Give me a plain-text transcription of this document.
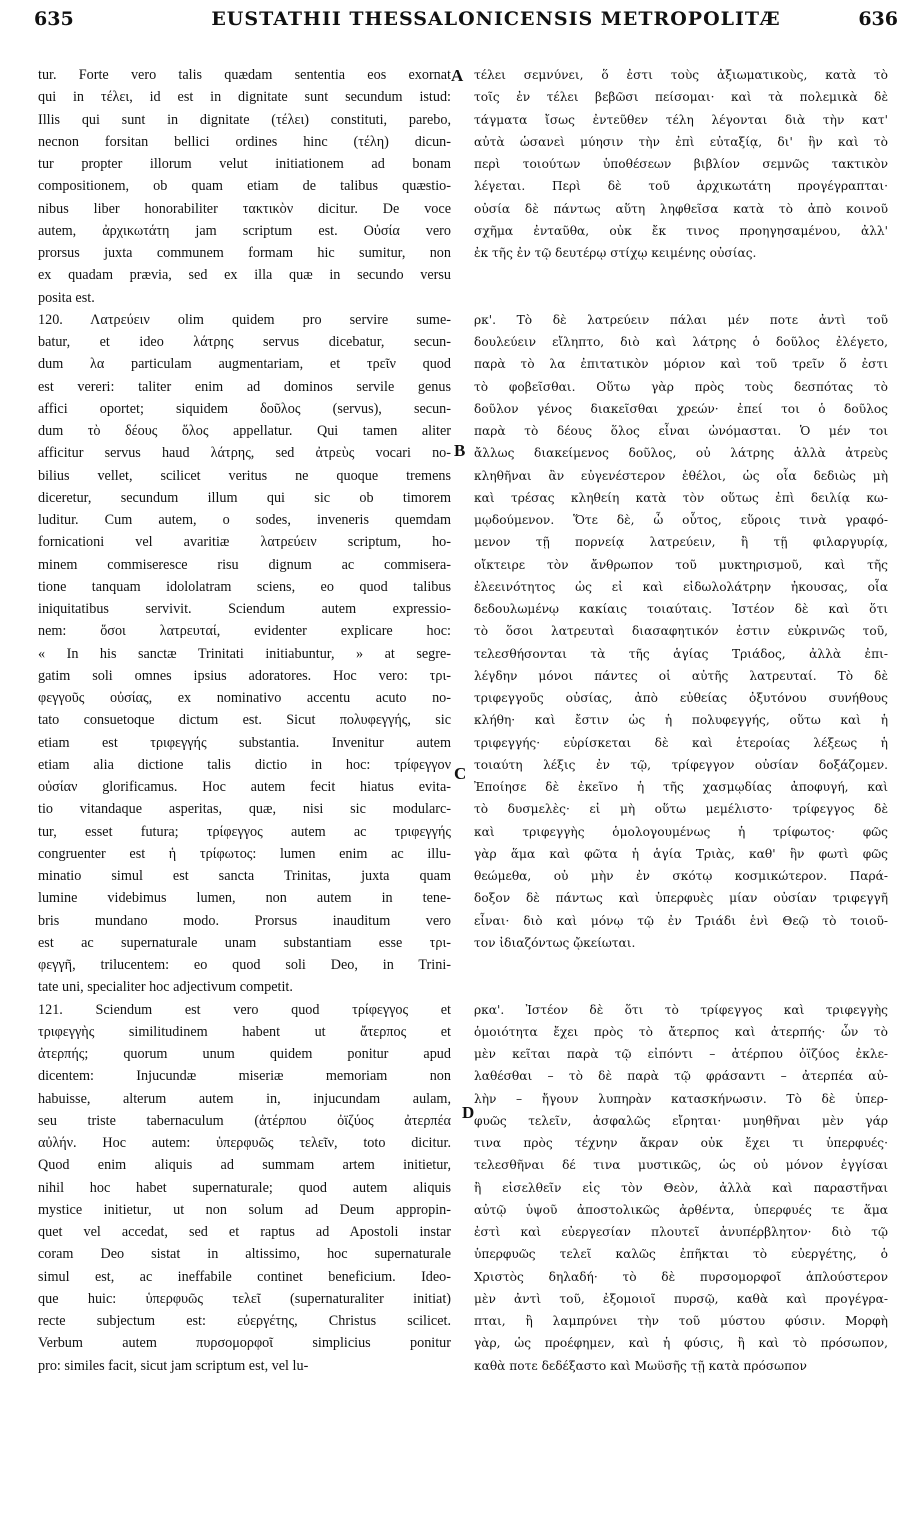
635	EUSTATHII THESSALONICENSIS METROPOLITÆ	636
tur. Forte vero talis quædam sententia eos exornat
qui in τέλει, id est in dignitate sunt secundum istud:
Illis qui sunt in dignitate (τέλει) constituti, parebo,
necnon forsitan bellici ordines hinc (τέλη) dicun-
tur propter illorum velut initiationem ad bonam
compositionem, ob quam etiam de talibus quæstio-
nibus liber honorabiliter τακτικὸν dicitur. De voce
autem, ἀρχικωτάτη jam scriptum est. Οὐσία vero
prorsus juxta communem formam hic sumitur, non
ex quadam prævia, sed ex illa quæ in secundo versu
posita est.
120. Λατρεύειν olim quidem pro servire sume-
batur, et ideo λάτρης servus dicebatur, secun-
dum λα particulam augmentariam, et τρεῖν quod
est vereri: taliter enim ad dominos servile genus
affici oportet; siquidem δοῦλος (servus), secun-
dum τὸ δέους ὅλος appellatur. Qui tamen aliter
afficitur servus haud λάτρης, sed ἀτρεὺς vocari no-
bilius vellet, scilicet veritus ne quoque tremens
diceretur, secundum illum qui sic ob timorem
luditur. Cum autem, o sodes, inveneris quemdam
fornicationi vel avaritiæ λατρεύειν scriptum, ho-
minem commiseresce risu dignum ac commisera-
tione tanquam idololatram sciens, eo quod talibus
iniquitatibus servivit. Sciendum autem expressio-
nem: ὅσοι λατρευταί, evidenter explicare hoc:
« In his sanctæ Trinitati initiabuntur, » at segre-
gatim soli omnes ipsius adoratores. Hoc vero: τρι-
φεγγοῦς οὐσίας, ex nominativo accentu acuto no-
tato consuetoque dictum est. Sicut πολυφεγγής, sic
etiam est τριφεγγής substantia. Invenitur autem
etiam alia dictione talis dictio in hoc: τρίφεγγον
οὐσίαν glorificamus. Hoc autem fecit hiatus evita-
tio vitandaque asperitas, quæ, nisi sic modularc-
tur, esset futura; τρίφεγγος autem ac τριφεγγής
congruenter est ἡ τρίφωτος: lumen enim ac illu-
minatio simul est sancta Trinitas, juxta quam
lumine videbimus lumen, non autem in tene-
bris mundano modo. Prorsus inauditum vero
est ac supernaturale unam substantiam esse τρι-
φεγγῆ, trilucentem: eo quod soli Deo, in Trini-
tate uni, specialiter hoc adjectivum competit.
121. Sciendum est vero quod τρίφεγγος et
τριφεγγὴς similitudinem habent ut ἄτερπος et
ἀτερπής; quorum unum quidem ponitur apud
dicentem: Injucundæ miseriæ memoriam non
habuisse, alterum autem in, injucundam aulam,
seu triste tabernaculum (ἀτέρπου ὀϊζύος ἀτερπέα
αὐλήν. Hoc autem: ὑπερφυῶς τελεῖν, toto dicitur.
Quod enim aliquis ad summam artem initietur,
nihil hoc habet supernaturale; quod autem aliquis
mystice initietur, ut non solum ad Deum appropin-
quet vel accedat, sed et raptus ad Apostoli instar
coram Deo sistat in altissimo, hoc supernaturale
simul est, ac ineffabile continet beneficium. Ideo-
que huic: ὑπερφυῶς τελεῖ (supernaturaliter initiat)
recte subjectum est: εὐεργέτης, Christus scilicet.
Verbum autem πυρσομορφοῖ simplicius ponitur
pro: similes facit, sicut jam scriptum est, vel lu-
τέλει σεμνύνει, ὅ ἐστι τοὺς ἀξιωματικοὺς, κατὰ τὸ
τοῖς ἐν τέλει βεβῶσι πείσομαι· καὶ τὰ πολεμικὰ δὲ
τάγματα ἴσως ἐντεῦθεν τέλη λέγονται διὰ τὴν κατ'
αὐτὰ ὡσανεὶ μύησιν τὴν ἐπὶ εὐταξίᾳ, δι' ἣν καὶ τὸ
περὶ τοιούτων ὑποθέσεων βιβλίον σεμνῶς τακτικὸν
λέγεται. Περὶ δὲ τοῦ ἀρχικωτάτη προγέγραπται·
οὐσία δὲ πάντως αὕτη ληφθεῖσα κατὰ τὸ ἀπὸ κοινοῦ
σχῆμα ἐνταῦθα, οὐκ ἔκ τινος προηγησαμένου, ἀλλ'
ἐκ τῆς ἐν τῷ δευτέρῳ στίχῳ κειμένης οὐσίας.
ρκ'. Τὸ δὲ λατρεύειν πάλαι μέν ποτε ἀντὶ τοῦ
δουλεύειν εἴληπτο, διὸ καὶ λάτρης ὁ δοῦλος ἐλέγετο,
παρὰ τὸ λα ἐπιτατικὸν μόριον καὶ τοῦ τρεῖν ὅ ἐστι
τὸ φοβεῖσθαι. Οὕτω γὰρ πρὸς τοὺς δεσπότας τὸ
δοῦλον γένος διακεῖσθαι χρεών· ἐπεί τοι ὁ δοῦλος
παρὰ τὸ δέους ὅλος εἶναι ὠνόμασται. Ὁ μέν τοι
ἄλλως διακείμενος δοῦλος, οὐ λάτρης ἀλλὰ ἀτρεὺς
κληθῆναι ἂν εὐγενέστερον ἐθέλοι, ὡς οἷα δεδιὼς μὴ
καὶ τρέσας κληθείη κατὰ τὸν οὕτως ἐπὶ δειλίᾳ κω-
μῳδούμενον. Ὅτε δὲ, ὦ οὗτος, εὕροις τινὰ γραφό-
μενον τῇ πορνείᾳ λατρεύειν, ἢ τῇ φιλαργυρίᾳ,
οἴκτειρε τὸν ἄνθρωπον τοῦ μυκτηρισμοῦ, καὶ τῆς
ἐλεεινότητος ὡς εἰ καὶ εἰδωλολάτρην ἠκουσας, οἷα
δεδουλωμένῳ κακίαις τοιαύταις. Ἰστέον δὲ καὶ ὅτι
τὸ ὅσοι λατρευταὶ διασαφητικόν ἐστιν εὐκρινῶς τοῦ,
τελεσθήσονται τὰ τῆς ἁγίας Τριάδος, ἀλλὰ ἐπι-
λέγδην μόνοι πάντες οἱ αὐτῆς λατρευταί. Τὸ δὲ
τριφεγγοῦς οὐσίας, ἀπὸ εὐθείας ὀξυτόνου συνήθους
κλήθη· καὶ ἔστιν ὡς ἡ πολυφεγγής, οὕτω καὶ ἡ
τριφεγγής· εὑρίσκεται δὲ καὶ ἑτεροίας λέξεως ἡ
τοιαύτη λέξις ἐν τῷ, τρίφεγγον οὐσίαν δοξάζομεν.
Ἐποίησε δὲ ἐκεῖνο ἡ τῆς χασμῳδίας ἀποφυγή, καὶ
τὸ δυσμελὲς· εἰ μὴ οὕτω μεμέλιστο· τρίφεγγος δὲ
καὶ τριφεγγὴς ὁμολογουμένως ἡ τρίφωτος· φῶς
γὰρ ἅμα καὶ φῶτα ἡ ἁγία Τριὰς, καθ' ἣν φωτὶ φῶς
θεώμεθα, οὐ μὴν ἐν σκότῳ κοσμικώτερον. Παρά-
δοξον δὲ πάντως καὶ ὑπερφυὲς μίαν οὐσίαν τριφεγγῆ
εἶναι· διὸ καὶ μόνῳ τῷ ἐν Τριάδι ἑνὶ Θεῷ τὸ τοιοῦ-
τον ἰδιαζόντως ᾤκείωται.
ρκα'. Ἰστέον δὲ ὅτι τὸ τρίφεγγος καὶ τριφεγγὴς
ὁμοιότητα ἔχει πρὸς τὸ ἄτερπος καὶ ἀτερπής· ὧν τὸ
μὲν κεῖται παρὰ τῷ εἰπόντι – ἀτέρπου ὀϊζύος ἐκλε-
λαθέσθαι – τὸ δὲ παρὰ τῷ φράσαντι – ἀτερπέα αὐ-
λὴν – ἤγουν λυπηρὰν κατασκήνωσιν. Τὸ δὲ ὑπερ-
φυῶς τελεῖν, ἀσφαλῶς εἴρηται· μυηθῆναι μὲν γάρ
τινα πρὸς τέχνην ἄκραν οὐκ ἔχει τι ὑπερφυές·
τελεσθῆναι δέ τινα μυστικῶς, ὡς οὐ μόνον ἐγγίσαι
ἢ εἰσελθεῖν εἰς τὸν Θεὸν, ἀλλὰ καὶ παραστῆναι
αὐτῷ ὑψοῦ ἀποστολικῶς ἀρθέντα, ὑπερφυές τε ἅμα
ἐστὶ καὶ εὐεργεσίαν πλουτεῖ ἀνυπέρβλητον· διὸ τῷ
ὑπερφυῶς τελεῖ καλῶς ἐπῆκται τὸ εὐεργέτης, ὁ
Χριστὸς δηλαδή· τὸ δὲ πυρσομορφοῖ ἁπλούστερον
μὲν ἀντὶ τοῦ, ἐξομοιοῖ πυρσῷ, καθὰ καὶ προγέγρα-
πται, ἢ λαμπρύνει τὴν τοῦ μύστου φύσιν. Μορφὴ
γὰρ, ὡς προέφημεν, καὶ ἡ φύσις, ἢ καὶ τὸ πρόσωπον,
καθὰ ποτε δεδέξαστο καὶ Μωϋσῆς τῇ κατὰ πρόσωπον
A
B
C
D
